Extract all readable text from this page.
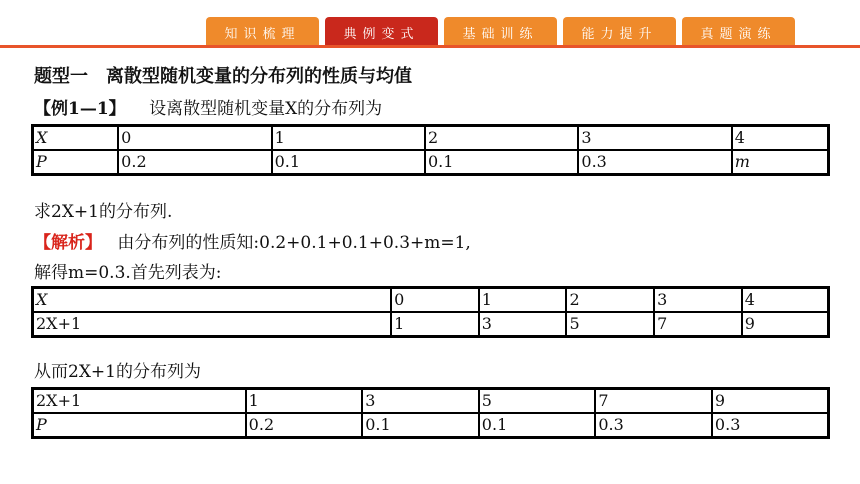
知识梳理	典例变式	基础训练	能力提升	真题演练
题型一　离散型随机变量的分布列的性质与均值
【例1—1】 设离散型随机变量X的分布列为
X	0	1	2	3	4
P	0.2	0.1	0.1	0.3	m
求2X+1的分布列.
【解析】 由分布列的性质知:0.2+0.1+0.1+0.3+m=1,
解得m=0.3.首先列表为:
X	0	1	2	3	4
2X+1	1	3	5	7	9
从而2X+1的分布列为
2X+1	1	3	5	7	9
P	0.2	0.1	0.1	0.3	0.3
